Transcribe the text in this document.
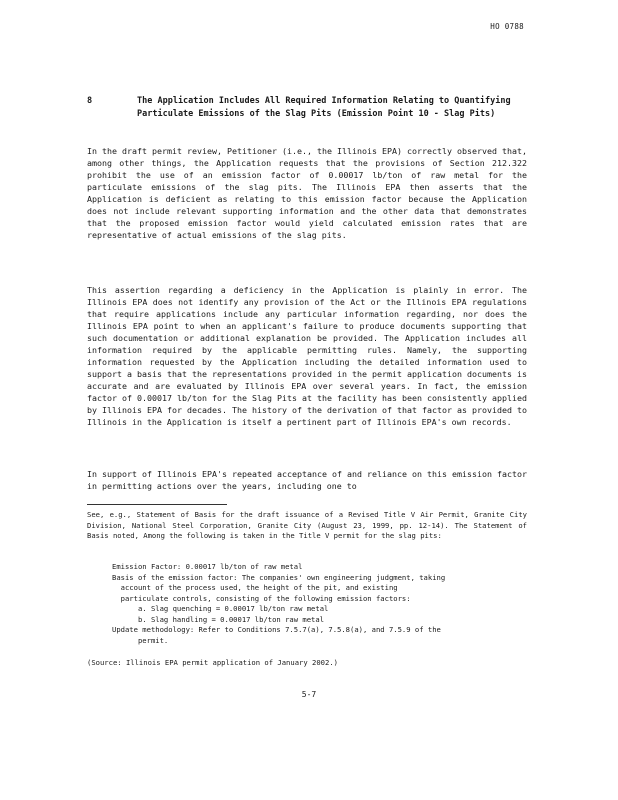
HO 0788
8	The Application Includes All Required Information Relating to Quantifying Particulate Emissions of the Slag Pits (Emission Point 10 - Slag Pits)
In the draft permit review, Petitioner (i.e., the Illinois EPA) correctly observed that, among other things, the Application requests that the provisions of Section 212.322 prohibit the use of an emission factor of 0.00017 lb/ton of raw metal for the particulate emissions of the slag pits. The Illinois EPA then asserts that the Application is deficient as relating to this emission factor because the Application does not include relevant supporting information and the other data that demonstrates that the proposed emission factor would yield calculated emission rates that are representative of actual emissions of the slag pits.
This assertion regarding a deficiency in the Application is plainly in error. The Illinois EPA does not identify any provision of the Act or the Illinois EPA regulations that require applications include any particular information regarding, nor does the Illinois EPA point to when an applicant's failure to produce documents supporting that such documentation or additional explanation be provided. The Application includes all information required by the applicable permitting rules. Namely, the supporting information requested by the Application including the detailed information used to support a basis that the representations provided in the permit application documents is accurate and are evaluated by Illinois EPA over several years. In fact, the emission factor of 0.00017 lb/ton for the Slag Pits at the facility has been consistently applied by Illinois EPA for decades. The history of the derivation of that factor as provided to Illinois in the Application is itself a pertinent part of Illinois EPA's own records.
In support of Illinois EPA's repeated acceptance of and reliance on this emission factor in permitting actions over the years, including one to
See, e.g., Statement of Basis for the draft issuance of a Revised Title V Air Permit, Granite City Division, National Steel Corporation, Granite City (August 23, 1999, pp. 12-14). The Statement of Basis noted, Among the following is taken in the Title V permit for the slag pits:
Emission Factor: 0.00017 lb/ton of raw metal
Basis of the emission factor: The companies' own engineering judgment, taking
account of the process used, the height of the pit, and existing
particulate controls, consisting of the following emission factors:
a. Slag quenching = 0.00017 lb/ton raw metal
b. Slag handling = 0.00017 lb/ton raw metal
Update methodology: Refer to Conditions 7.5.7(a), 7.5.8(a), and 7.5.9 of the
permit.
(Source: Illinois EPA permit application of January 2002.)
5-7
